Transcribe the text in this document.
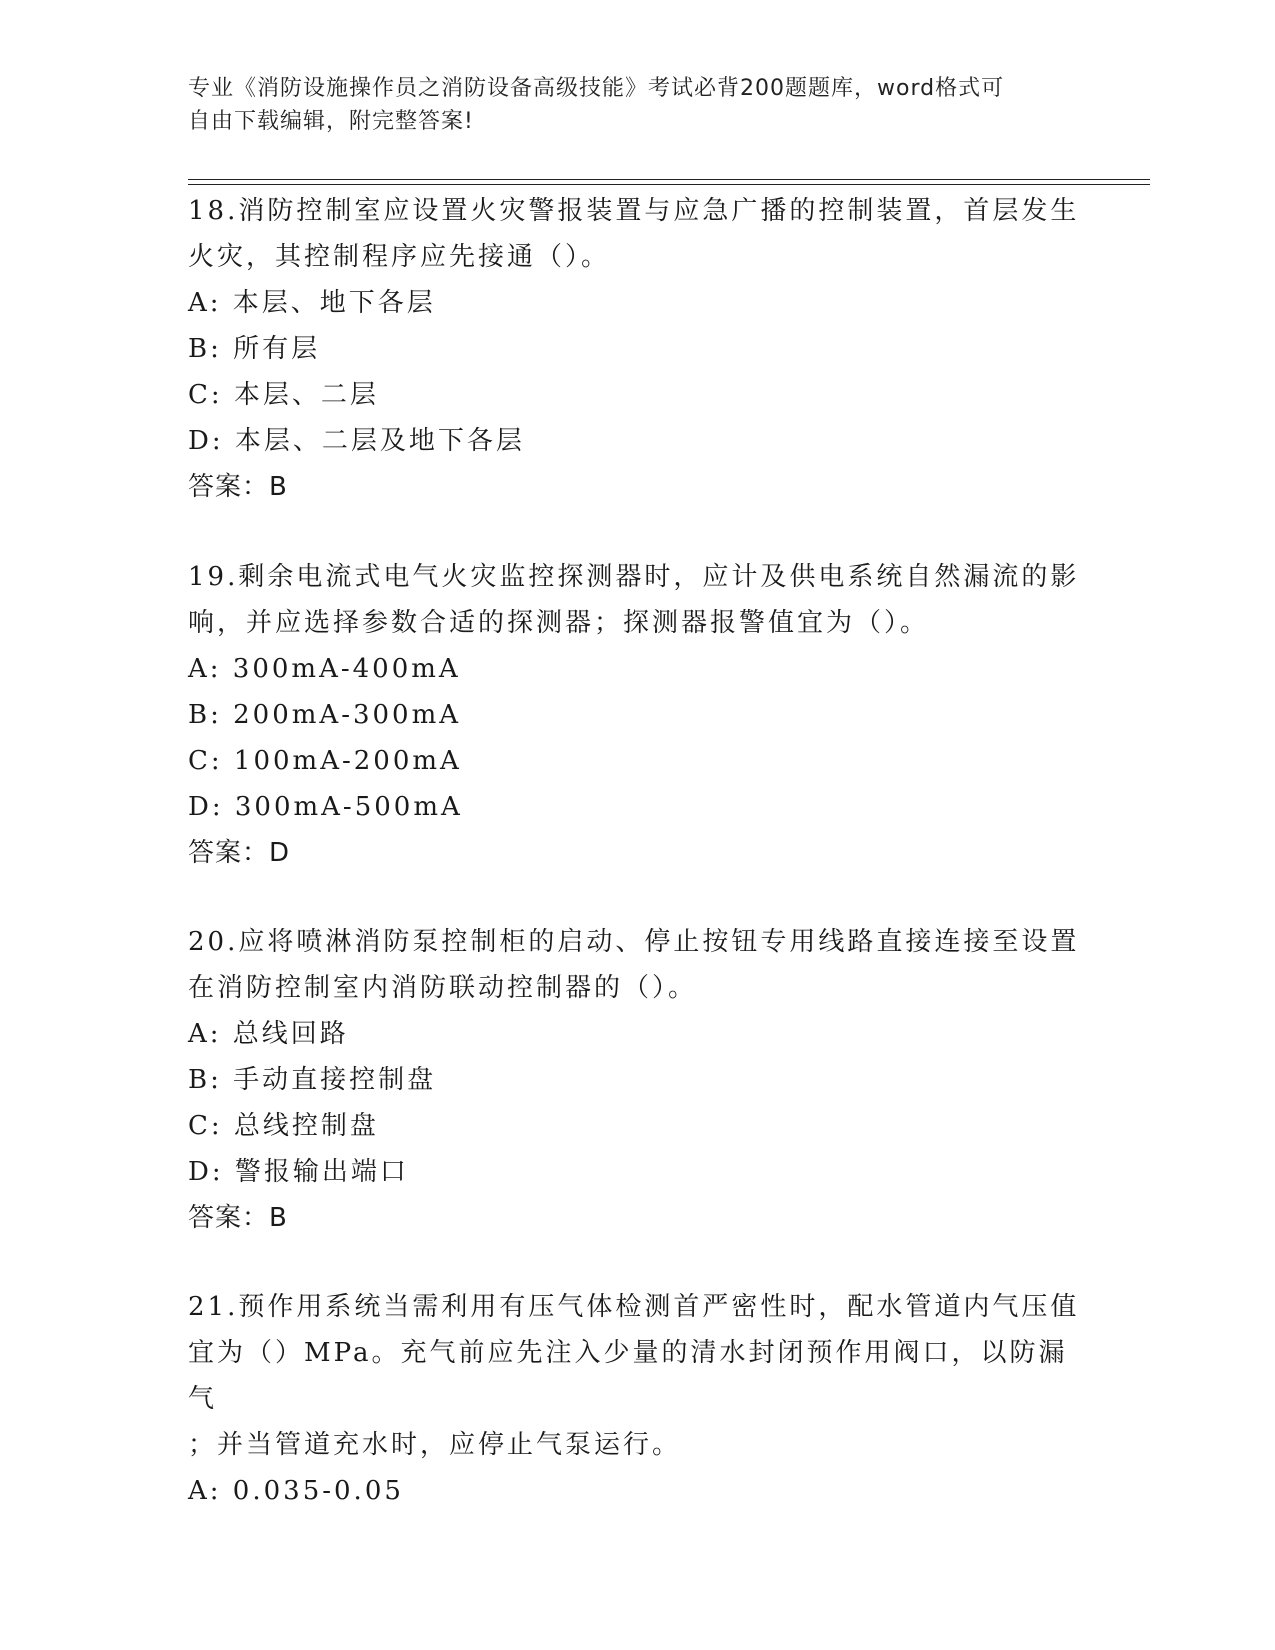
专业《消防设施操作员之消防设备高级技能》考试必背200题题库，word格式可
自由下载编辑，附完整答案!

18.消防控制室应设置火灾警报装置与应急广播的控制装置，首层发生

火灾，其控制程序应先接通（）。

A: 本层、地下各层

B: 所有层

C: 本层、二层

D: 本层、二层及地下各层

答案：B

19.剩余电流式电气火灾监控探测器时，应计及供电系统自然漏流的影

响，并应选择参数合适的探测器；探测器报警值宜为（）。

A: 300mA-400mA

B: 200mA-300mA

C: 100mA-200mA

D: 300mA-500mA

答案：D

20.应将喷淋消防泵控制柜的启动、停止按钮专用线路直接连接至设置

在消防控制室内消防联动控制器的（）。

A: 总线回路

B: 手动直接控制盘

C: 总线控制盘

D: 警报输出端口

答案：B

21.预作用系统当需利用有压气体检测首严密性时，配水管道内气压值

宜为（）MPa。充气前应先注入少量的清水封闭预作用阀口，以防漏气

；并当管道充水时，应停止气泵运行。

A: 0.035-0.05
